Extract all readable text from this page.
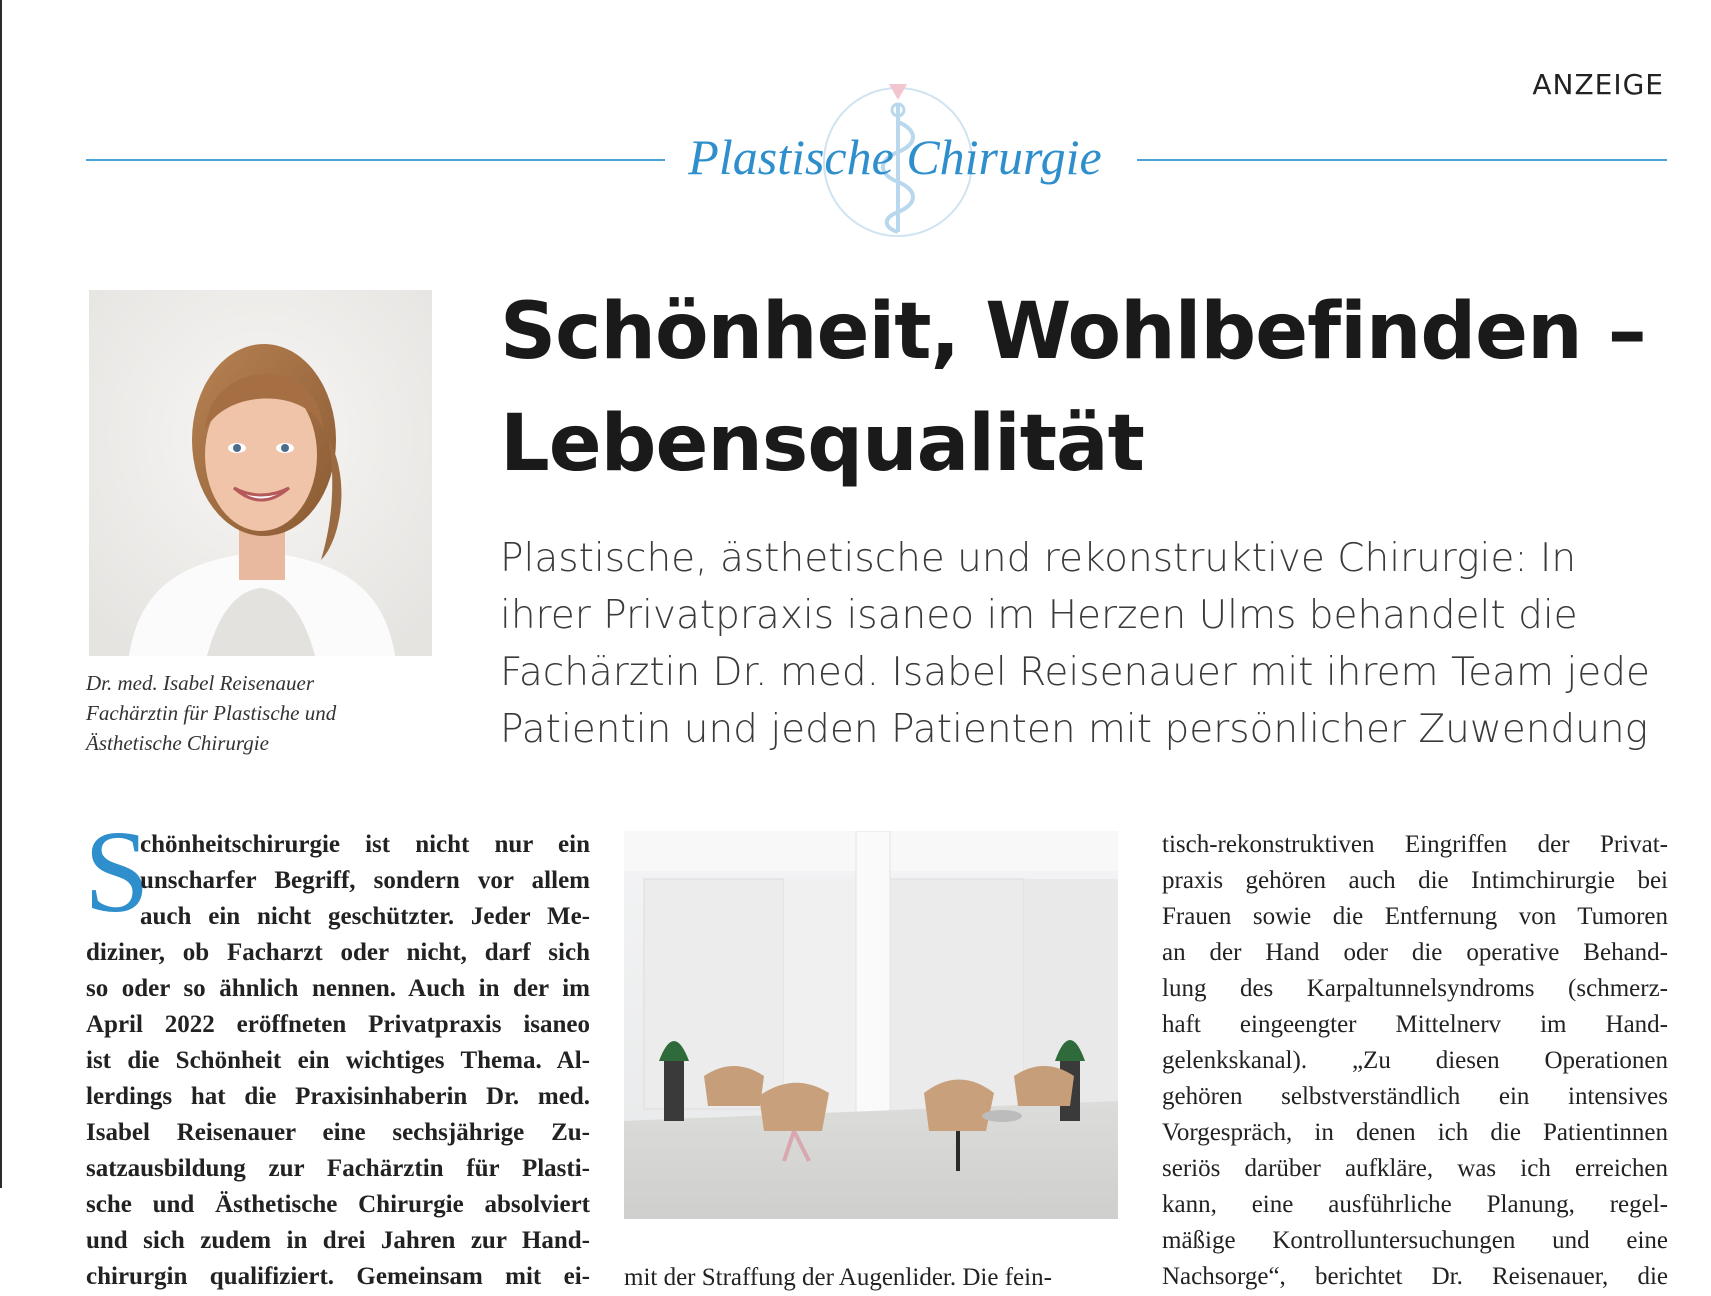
ANZEIGE
Plastische Chirurgie
Dr. med. Isabel Reisenauer
Fachärztin für Plastische und
Ästhetische Chirurgie
Schönheit, Wohlbefinden –
Lebensqualität
Plastische, ästhetische und rekonstruktive Chirurgie: In
ihrer Privatpraxis isaneo im Herzen Ulms behandelt die
Fachärztin Dr. med. Isabel Reisenauer mit ihrem Team jede
Patientin und jeden Patienten mit persönlicher Zuwendung
S
chönheitschirurgie ist nicht nur ein
unscharfer Begriff, sondern vor allem
auch ein nicht geschützter. Jeder Me-
diziner, ob Facharzt oder nicht, darf sich
so oder so ähnlich nennen. Auch in der im
April 2022 eröffneten Privatpraxis isaneo
ist die Schönheit ein wichtiges Thema. Al-
lerdings hat die Praxisinhaberin Dr. med.
Isabel Reisenauer eine sechsjährige Zu-
satzausbildung zur Fachärztin für Plasti-
sche und Ästhetische Chirurgie absolviert
und sich zudem in drei Jahren zur Hand-
chirurgin qualifiziert. Gemeinsam mit ei- mit der Straffung der Augenlider. Die fein-
tisch-rekonstruktiven Eingriffen der Privat-
praxis gehören auch die Intimchirurgie bei
Frauen sowie die Entfernung von Tumoren
an der Hand oder die operative Behand-
lung des Karpaltunnelsyndroms (schmerz-
haft eingeengter Mittelnerv im Hand-
gelenkskanal). „Zu diesen Operationen
gehören selbstverständlich ein intensives
Vorgespräch, in denen ich die Patientinnen
seriös darüber aufkläre, was ich erreichen
kann, eine ausführliche Planung, regel-
mäßige Kontrolluntersuchungen und eine
Nachsorge“, berichtet Dr. Reisenauer, die
